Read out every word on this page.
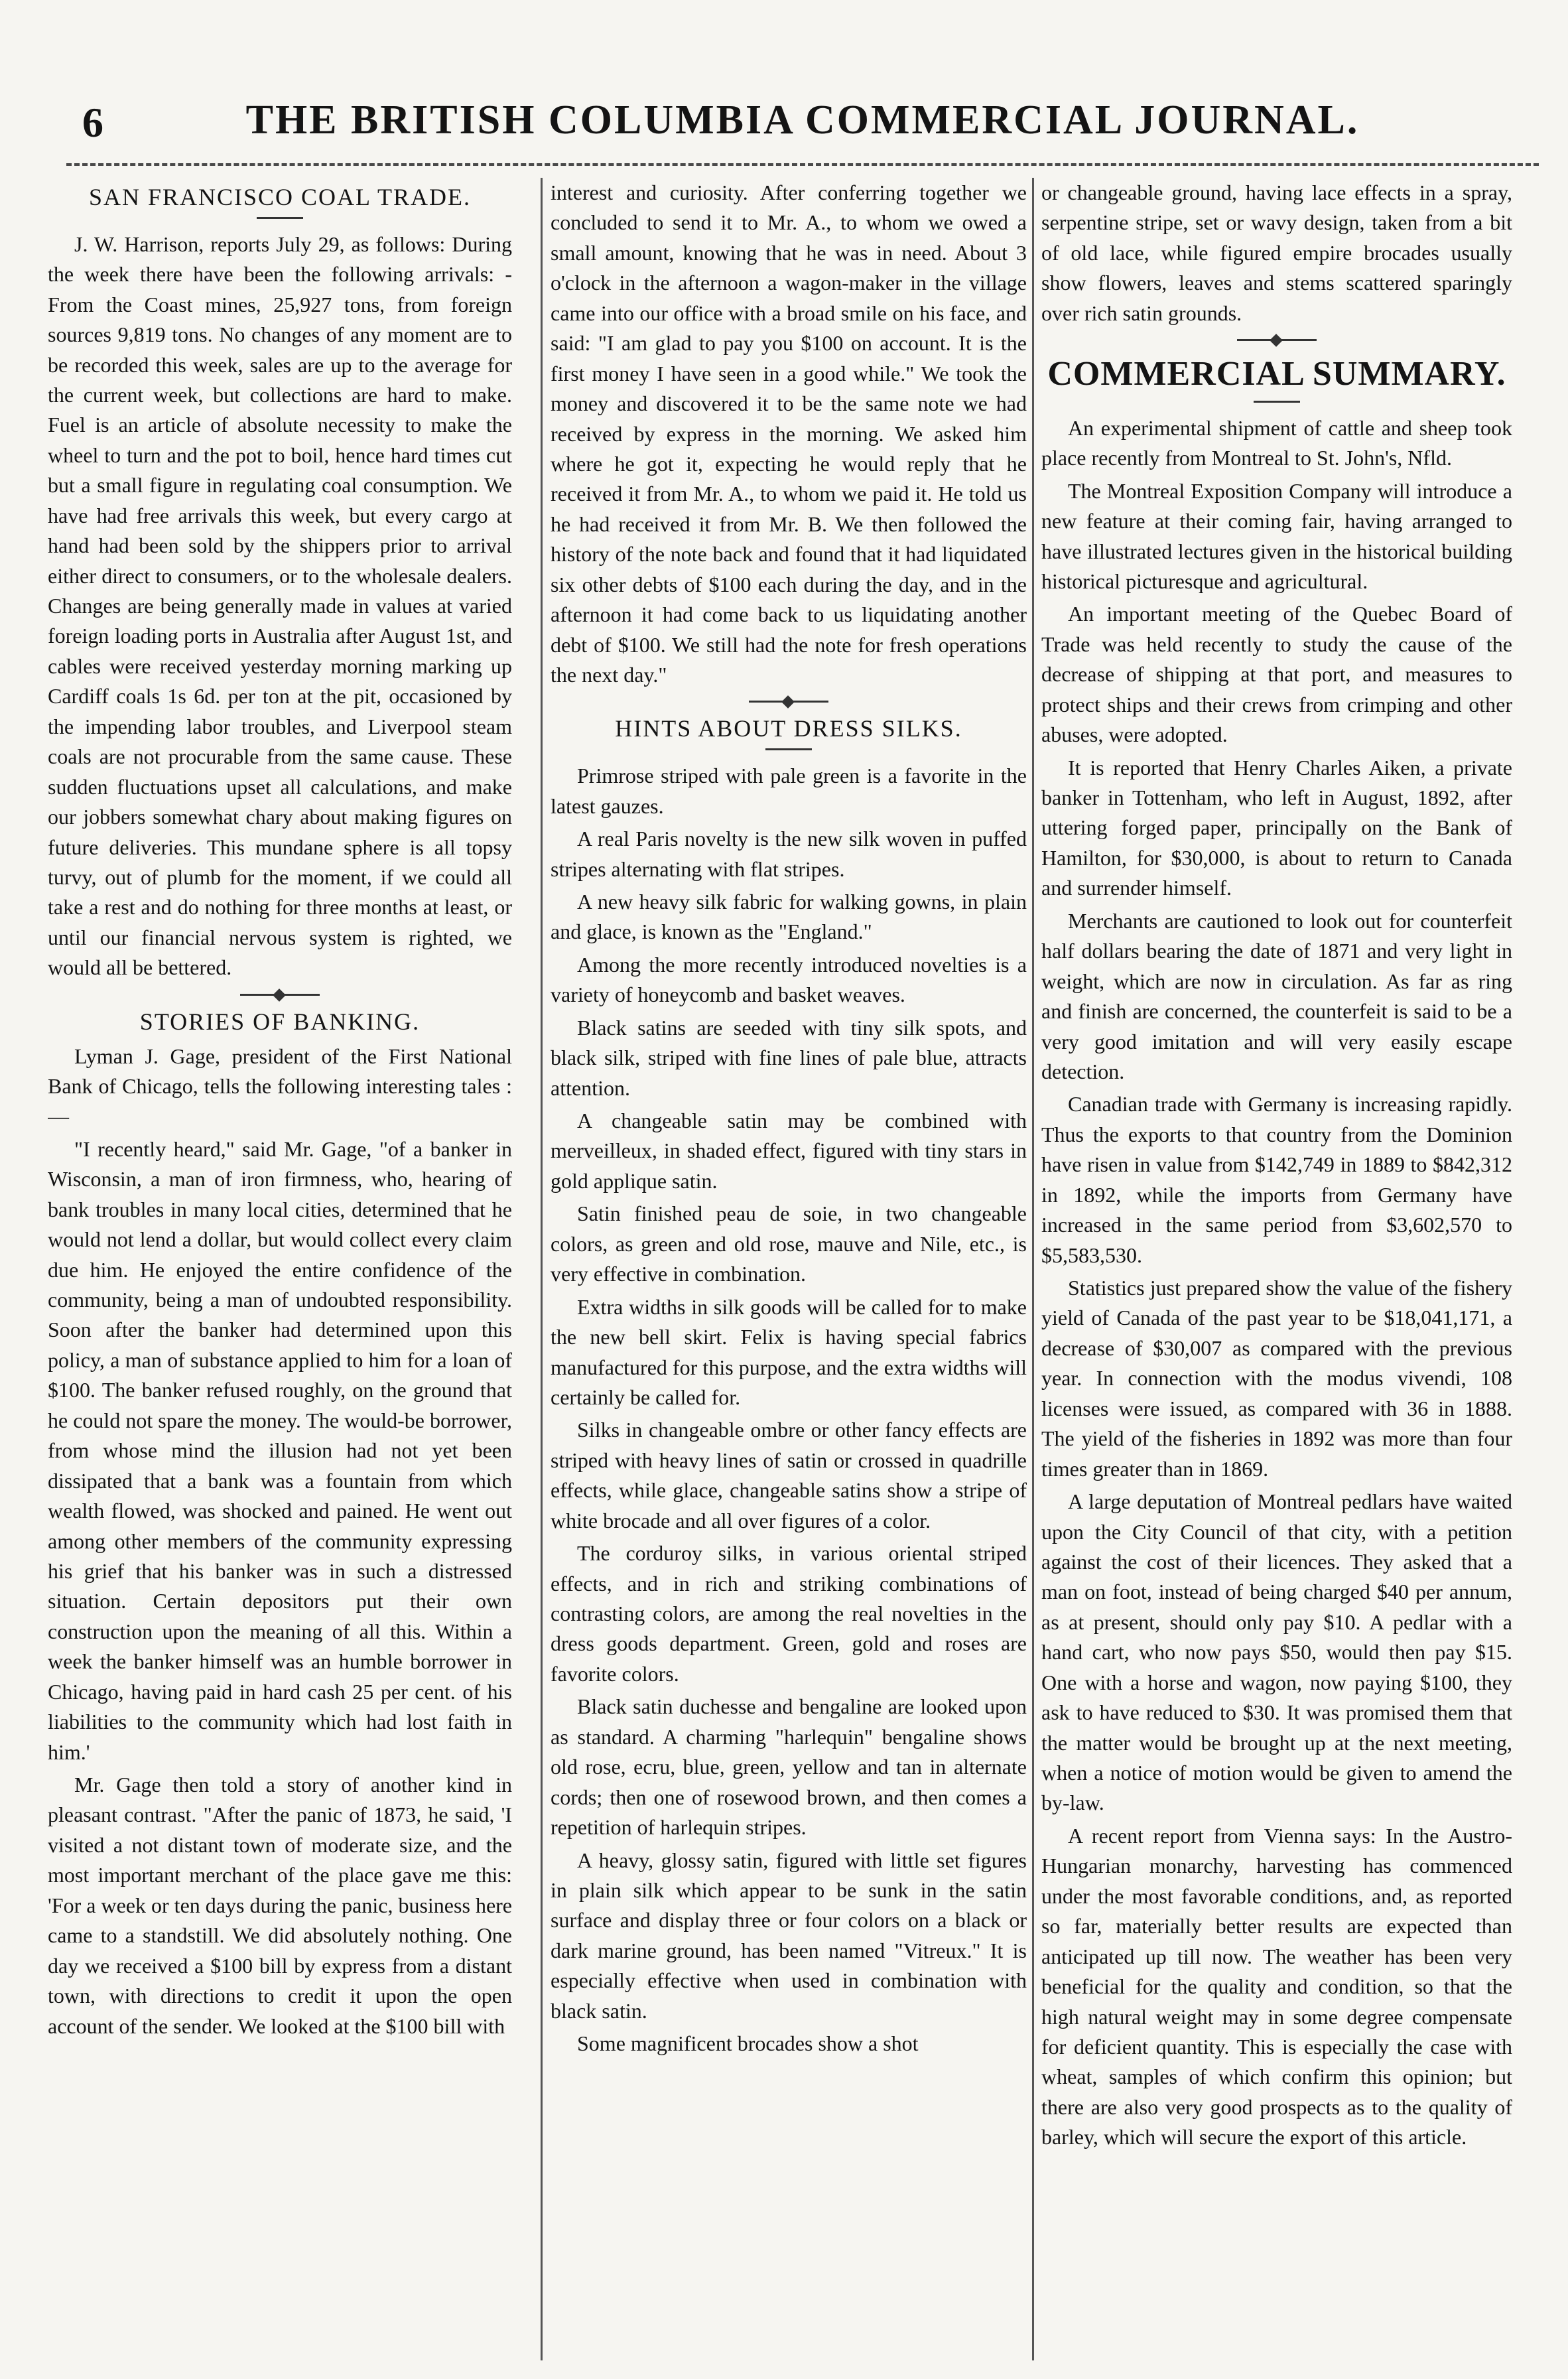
6	THE BRITISH COLUMBIA COMMERCIAL JOURNAL.
SAN FRANCISCO COAL TRADE.

J. W. Harrison, reports July 29, as follows: During the week there have been the following arrivals: - From the Coast mines, 25,927 tons, from foreign sources 9,819 tons. No changes of any moment are to be recorded this week, sales are up to the average for the current week, but collections are hard to make. Fuel is an article of absolute necessity to make the wheel to turn and the pot to boil, hence hard times cut but a small figure in regulating coal consumption. We have had free arrivals this week, but every cargo at hand had been sold by the shippers prior to arrival either direct to consumers, or to the wholesale dealers. Changes are being generally made in values at varied foreign loading ports in Australia after August 1st, and cables were received yesterday morning marking up Cardiff coals 1s 6d. per ton at the pit, occasioned by the impending labor troubles, and Liverpool steam coals are not procurable from the same cause. These sudden fluctuations upset all calculations, and make our jobbers somewhat chary about making figures on future deliveries. This mundane sphere is all topsy turvy, out of plumb for the moment, if we could all take a rest and do nothing for three months at least, or until our financial nervous system is righted, we would all be bettered.

STORIES OF BANKING.

Lyman J. Gage, president of the First National Bank of Chicago, tells the following interesting tales :—

"I recently heard," said Mr. Gage, "of a banker in Wisconsin, a man of iron firmness, who, hearing of bank troubles in many local cities, determined that he would not lend a dollar, but would collect every claim due him. He enjoyed the entire confidence of the community, being a man of undoubted responsibility. Soon after the banker had determined upon this policy, a man of substance applied to him for a loan of $100. The banker refused roughly, on the ground that he could not spare the money. The would-be borrower, from whose mind the illusion had not yet been dissipated that a bank was a fountain from which wealth flowed, was shocked and pained. He went out among other members of the community expressing his grief that his banker was in such a distressed situation. Certain depositors put their own construction upon the meaning of all this. Within a week the banker himself was an humble borrower in Chicago, having paid in hard cash 25 per cent. of his liabilities to the community which had lost faith in him.'

Mr. Gage then told a story of another kind in pleasant contrast. "After the panic of 1873, he said, 'I visited a not distant town of moderate size, and the most important merchant of the place gave me this: 'For a week or ten days during the panic, business here came to a standstill. We did absolutely nothing. One day we received a $100 bill by express from a distant town, with directions to credit it upon the open account of the sender. We looked at the $100 bill with

interest and curiosity. After conferring together we concluded to send it to Mr. A., to whom we owed a small amount, knowing that he was in need. About 3 o'clock in the afternoon a wagon-maker in the village came into our office with a broad smile on his face, and said: "I am glad to pay you $100 on account. It is the first money I have seen in a good while." We took the money and discovered it to be the same note we had received by express in the morning. We asked him where he got it, expecting he would reply that he received it from Mr. A., to whom we paid it. He told us he had received it from Mr. B. We then followed the history of the note back and found that it had liquidated six other debts of $100 each during the day, and in the afternoon it had come back to us liquidating another debt of $100. We still had the note for fresh operations the next day."

HINTS ABOUT DRESS SILKS.

Primrose striped with pale green is a favorite in the latest gauzes.

A real Paris novelty is the new silk woven in puffed stripes alternating with flat stripes.

A new heavy silk fabric for walking gowns, in plain and glace, is known as the "England."

Among the more recently introduced novelties is a variety of honeycomb and basket weaves.

Black satins are seeded with tiny silk spots, and black silk, striped with fine lines of pale blue, attracts attention.

A changeable satin may be combined with merveilleux, in shaded effect, figured with tiny stars in gold applique satin.

Satin finished peau de soie, in two changeable colors, as green and old rose, mauve and Nile, etc., is very effective in combination.

Extra widths in silk goods will be called for to make the new bell skirt. Felix is having special fabrics manufactured for this purpose, and the extra widths will certainly be called for.

Silks in changeable ombre or other fancy effects are striped with heavy lines of satin or crossed in quadrille effects, while glace, changeable satins show a stripe of white brocade and all over figures of a color.

The corduroy silks, in various oriental striped effects, and in rich and striking combinations of contrasting colors, are among the real novelties in the dress goods department. Green, gold and roses are favorite colors.

Black satin duchesse and bengaline are looked upon as standard. A charming "harlequin" bengaline shows old rose, ecru, blue, green, yellow and tan in alternate cords; then one of rosewood brown, and then comes a repetition of harlequin stripes.

A heavy, glossy satin, figured with little set figures in plain silk which appear to be sunk in the satin surface and display three or four colors on a black or dark marine ground, has been named "Vitreux." It is especially effective when used in combination with black satin.

Some magnificent brocades show a shot

or changeable ground, having lace effects in a spray, serpentine stripe, set or wavy design, taken from a bit of old lace, while figured empire brocades usually show flowers, leaves and stems scattered sparingly over rich satin grounds.

COMMERCIAL SUMMARY.

An experimental shipment of cattle and sheep took place recently from Montreal to St. John's, Nfld.

The Montreal Exposition Company will introduce a new feature at their coming fair, having arranged to have illustrated lectures given in the historical building historical picturesque and agricultural.

An important meeting of the Quebec Board of Trade was held recently to study the cause of the decrease of shipping at that port, and measures to protect ships and their crews from crimping and other abuses, were adopted.

It is reported that Henry Charles Aiken, a private banker in Tottenham, who left in August, 1892, after uttering forged paper, principally on the Bank of Hamilton, for $30,000, is about to return to Canada and surrender himself.

Merchants are cautioned to look out for counterfeit half dollars bearing the date of 1871 and very light in weight, which are now in circulation. As far as ring and finish are concerned, the counterfeit is said to be a very good imitation and will very easily escape detection.

Canadian trade with Germany is increasing rapidly. Thus the exports to that country from the Dominion have risen in value from $142,749 in 1889 to $842,312 in 1892, while the imports from Germany have increased in the same period from $3,602,570 to $5,583,530.

Statistics just prepared show the value of the fishery yield of Canada of the past year to be $18,041,171, a decrease of $30,007 as compared with the previous year. In connection with the modus vivendi, 108 licenses were issued, as compared with 36 in 1888. The yield of the fisheries in 1892 was more than four times greater than in 1869.

A large deputation of Montreal pedlars have waited upon the City Council of that city, with a petition against the cost of their licences. They asked that a man on foot, instead of being charged $40 per annum, as at present, should only pay $10. A pedlar with a hand cart, who now pays $50, would then pay $15. One with a horse and wagon, now paying $100, they ask to have reduced to $30. It was promised them that the matter would be brought up at the next meeting, when a notice of motion would be given to amend the by-law.

A recent report from Vienna says: In the Austro-Hungarian monarchy, harvesting has commenced under the most favorable conditions, and, as reported so far, materially better results are expected than anticipated up till now. The weather has been very beneficial for the quality and condition, so that the high natural weight may in some degree compensate for deficient quantity. This is especially the case with wheat, samples of which confirm this opinion; but there are also very good prospects as to the quality of barley, which will secure the export of this article.
